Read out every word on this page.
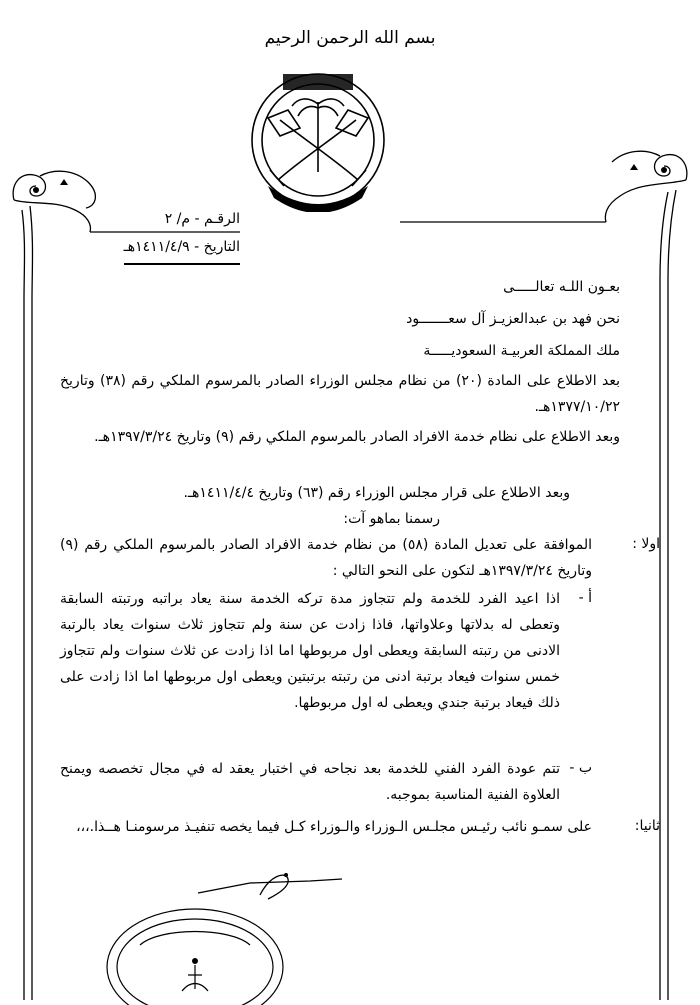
بسم الله الرحمن الرحيم
الرقـم - م/ ٢
التاريخ - ١٤١١/٤/٩هـ
بعـون اللـه تعالـــــى
نحن فهد بن عبدالعزيـز آل سعـــــــود
ملك المملكة العربيـة السعوديـــــة
بعد الاطلاع على المادة (٢٠) من نظام مجلس الوزراء الصادر بالمرسوم الملكي رقم (٣٨) وتاريخ ١٣٧٧/١٠/٢٢هـ.
وبعد الاطلاع على نظام خدمة الافراد الصادر بالمرسوم الملكي رقم (٩) وتاريخ ١٣٩٧/٣/٢٤هـ.
وبعد الاطلاع على قرار مجلس الوزراء رقم (٦٣) وتاريخ ١٤١١/٤/٤هـ.
رسمنا بماهو آت:
اولا :
الموافقة على تعديل المادة (٥٨) من نظام خدمة الافراد الصادر بالمرسوم الملكي رقم (٩) وتاريخ ١٣٩٧/٣/٢٤هـ لتكون على النحو التالي :
أ -
اذا اعيد الفرد للخدمة ولم تتجاوز مدة تركه الخدمة سنة يعاد براتبه ورتبته السابقة وتعطى له بدلاتها وعلاواتها، فاذا زادت عن سنة ولم تتجاوز ثلاث سنوات يعاد بالرتبة الادنى من رتبته السابقة ويعطى اول مربوطها اما اذا زادت عن ثلاث سنوات ولم تتجاوز خمس سنوات فيعاد برتبة ادنى من رتبته برتبتين ويعطى اول مربوطها اما اذا زادت على ذلك فيعاد برتبة جندي ويعطى له اول مربوطها.
ب -
تتم عودة الفرد الفني للخدمة بعد نجاحه في اختبار يعقد له في مجال تخصصه ويمنح العلاوة الفنية المناسبة بموجبه.
ثانيا:
على سمـو نائب رئيـس مجلـس الـوزراء والـوزراء كـل فيما يخصه تنفيـذ مرسومنـا هــذا.،،،
